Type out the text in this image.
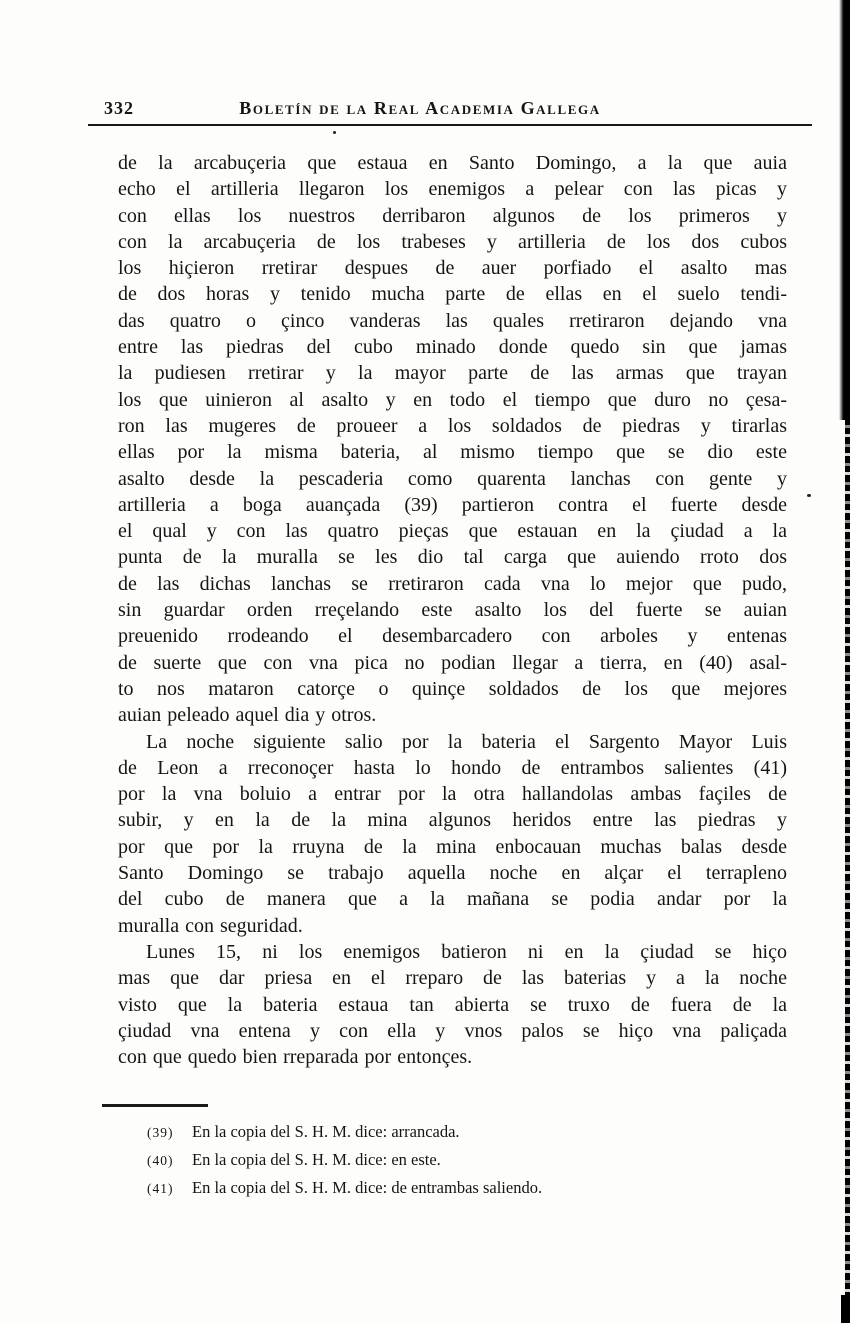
332	Boletín de la Real Academia Gallega
de la arcabuçeria que estaua en Santo Domingo, a la que auia
echo el artilleria llegaron los enemigos a pelear con las picas y
con ellas los nuestros derribaron algunos de los primeros y
con la arcabuçeria de los trabeses y artilleria de los dos cubos
los hiçieron rretirar despues de auer porfiado el asalto mas
de dos horas y tenido mucha parte de ellas en el suelo tendi-
das quatro o çinco vanderas las quales rretiraron dejando vna
entre las piedras del cubo minado donde quedo sin que jamas
la pudiesen rretirar y la mayor parte de las armas que trayan
los que uinieron al asalto y en todo el tiempo que duro no çesa-
ron las mugeres de proueer a los soldados de piedras y tirarlas
ellas por la misma bateria, al mismo tiempo que se dio este
asalto desde la pescaderia como quarenta lanchas con gente y
artilleria a boga auançada (39) partieron contra el fuerte desde
el qual y con las quatro pieças que estauan en la çiudad a la
punta de la muralla se les dio tal carga que auiendo rroto dos
de las dichas lanchas se rretiraron cada vna lo mejor que pudo,
sin guardar orden rreçelando este asalto los del fuerte se auian
preuenido rrodeando el desembarcadero con arboles y entenas
de suerte que con vna pica no podian llegar a tierra, en (40) asal-
to nos mataron catorçe o quinçe soldados de los que mejores
auian peleado aquel dia y otros.
La noche siguiente salio por la bateria el Sargento Mayor Luis
de Leon a rreconoçer hasta lo hondo de entrambos salientes (41)
por la vna boluio a entrar por la otra hallandolas ambas façiles de
subir, y en la de la mina algunos heridos entre las piedras y
por que por la rruyna de la mina enbocauan muchas balas desde
Santo Domingo se trabajo aquella noche en alçar el terrapleno
del cubo de manera que a la mañana se podia andar por la
muralla con seguridad.
Lunes 15, ni los enemigos batieron ni en la çiudad se hiço
mas que dar priesa en el rreparo de las baterias y a la noche
visto que la bateria estaua tan abierta se truxo de fuera de la
çiudad vna entena y con ella y vnos palos se hiço vna paliçada
con que quedo bien rreparada por entonçes.
(39)	En la copia del S. H. M. dice: arrancada.
(40)	En la copia del S. H. M. dice: en este.
(41)	En la copia del S. H. M. dice: de entrambas saliendo.
